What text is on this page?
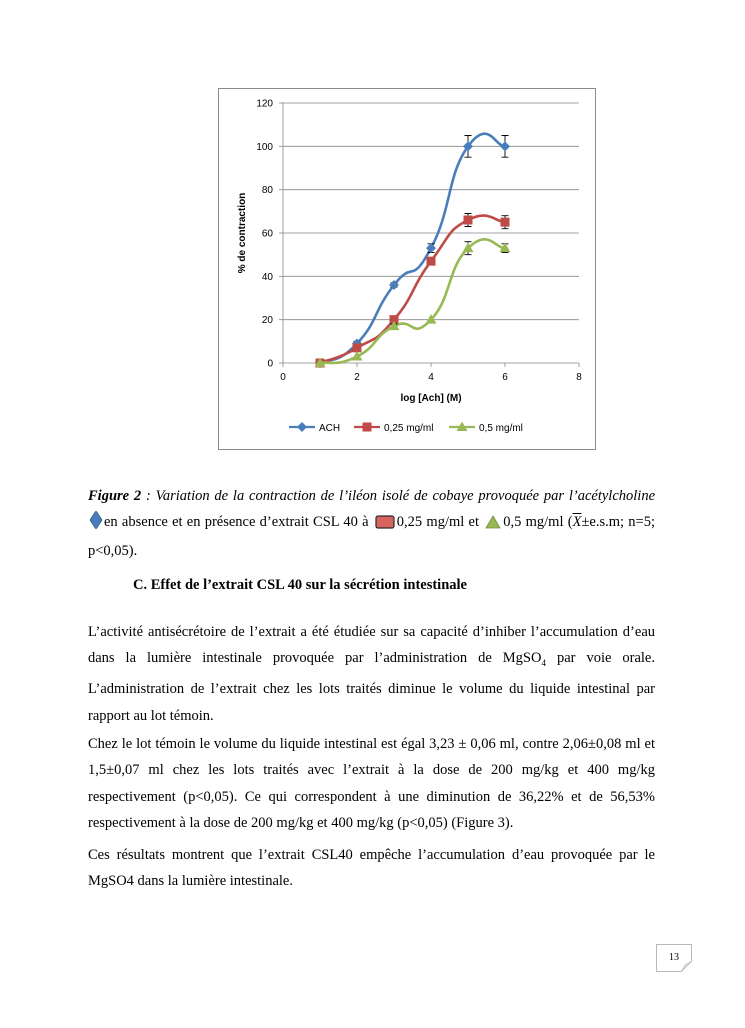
0
20
40
60
80
100
120
0	2	4	6	8
log [Ach] (M)
% de contraction
ACH	0,25 mg/ml	0,5 mg/ml
Figure 2 : Variation de la contraction de l’iléon isolé de cobaye provoquée par l’acétylcholine en absence et en présence d’extrait CSL 40 à 0,25 mg/ml et 0,5 mg/ml ($\overline{X}\pm e.s.m$; n=5; p<0,05).
C. Effet de l’extrait CSL 40 sur la sécrétion intestinale

L’activité antisécrétoire de l’extrait a été étudiée sur sa capacité d’inhiber l’accumulation d’eau dans la lumière intestinale provoquée par l’administration de MgSO$_4$ par voie orale. L’administration de l’extrait chez les lots traités diminue le volume du liquide intestinal par rapport au lot témoin.

Chez le lot témoin le volume du liquide intestinal est égal 3,23 ± 0,06 ml, contre 2,06±0,08 ml et 1,5±0,07 ml chez les lots traités avec l’extrait à la dose de 200 mg/kg et 400 mg/kg respectivement (p<0,05). Ce qui correspondent à une diminution de 36,22% et de 56,53% respectivement à la dose de 200 mg/kg et 400 mg/kg (p<0,05) (Figure 3).

Ces résultats montrent que l’extrait CSL40 empêche l’accumulation d’eau provoquée par le MgSO4 dans la lumière intestinale.

13
